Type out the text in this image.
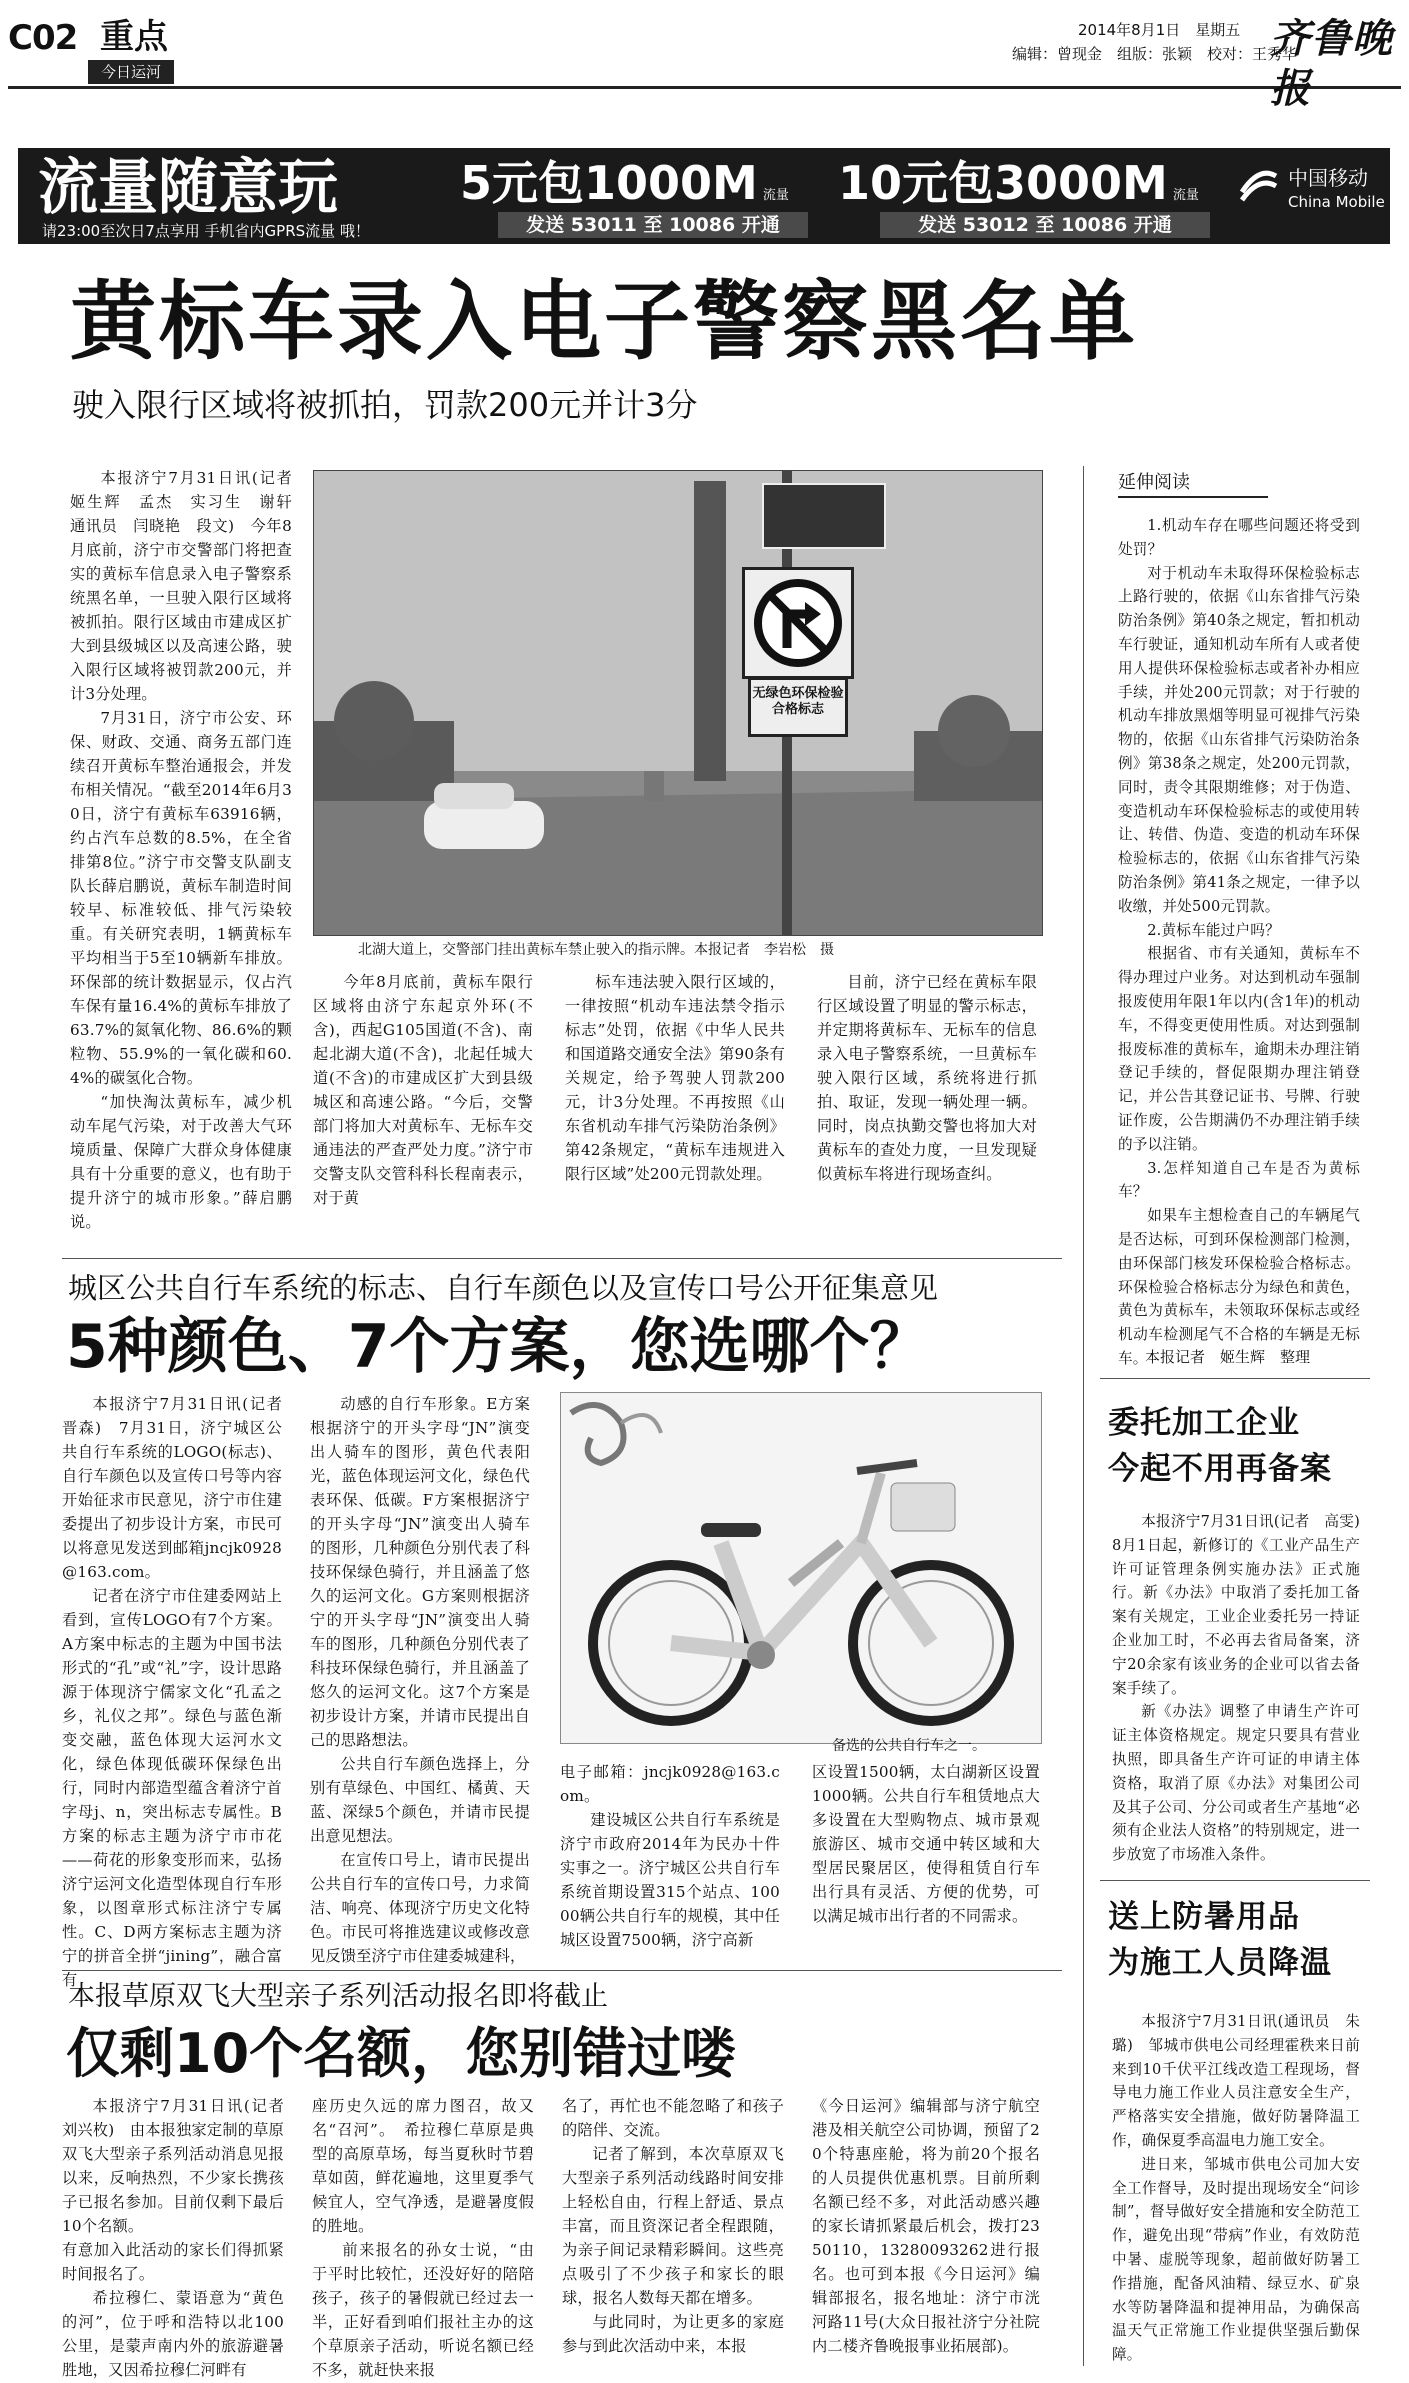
C02 重点
今日运河
2014年8月1日　星期五
编辑：曾现金　组版：张颖　校对：王秀华
齐鲁晚报
流量随意玩
请23:00至次日7点享用 手机省内GPRS流量 哦！
5元包1000M 流量
发送 53011 至 10086 开通
10元包3000M 流量
发送 53012 至 10086 开通
中国移动
China Mobile
黄标车录入电子警察黑名单
驶入限行区域将被抓拍，罚款200元并计3分

本报济宁7月31日讯(记者　姬生辉　孟杰　实习生　谢轩　通讯员　闫晓艳　段文)　今年8月底前，济宁市交警部门将把查实的黄标车信息录入电子警察系统黑名单，一旦驶入限行区域将被抓拍。限行区域由市建成区扩大到县级城区以及高速公路，驶入限行区域将被罚款200元，并计3分处理。

7月31日，济宁市公安、环保、财政、交通、商务五部门连续召开黄标车整治通报会，并发布相关情况。“截至2014年6月30日，济宁有黄标车63916辆，约占汽车总数的8.5%，在全省排第8位。”济宁市交警支队副支队长薛启鹏说，黄标车制造时间较早、标准较低、排气污染较重。有关研究表明，1辆黄标车平均相当于5至10辆新车排放。环保部的统计数据显示，仅占汽车保有量16.4%的黄标车排放了63.7%的氮氧化物、86.6%的颗粒物、55.9%的一氧化碳和60.4%的碳氢化合物。

“加快淘汰黄标车，减少机动车尾气污染，对于改善大气环境质量、保障广大群众身体健康具有十分重要的意义，也有助于提升济宁的城市形象。”薛启鹏说。

无绿色环保检验合格标志
北湖大道上，交警部门挂出黄标车禁止驶入的指示牌。本报记者　李岩松　摄

今年8月底前，黄标车限行区域将由济宁东起京外环(不含)，西起G105国道(不含)、南起北湖大道(不含)，北起任城大道(不含)的市建成区扩大到县级城区和高速公路。“今后，交警部门将加大对黄标车、无标车交通违法的严查严处力度。”济宁市交警支队交管科科长程南表示，对于黄

标车违法驶入限行区域的，一律按照“机动车违法禁令指示标志”处罚，依据《中华人民共和国道路交通安全法》第90条有关规定，给予驾驶人罚款200元，计3分处理。不再按照《山东省机动车排气污染防治条例》第42条规定，“黄标车违规进入限行区域”处200元罚款处理。

目前，济宁已经在黄标车限行区域设置了明显的警示标志，并定期将黄标车、无标车的信息录入电子警察系统，一旦黄标车驶入限行区域，系统将进行抓拍、取证，发现一辆处理一辆。同时，岗点执勤交警也将加大对黄标车的查处力度，一旦发现疑似黄标车将进行现场查纠。

延伸阅读

1.机动车存在哪些问题还将受到处罚？

对于机动车未取得环保检验标志上路行驶的，依据《山东省排气污染防治条例》第40条之规定，暂扣机动车行驶证，通知机动车所有人或者使用人提供环保检验标志或者补办相应手续，并处200元罚款；对于行驶的机动车排放黑烟等明显可视排气污染物的，依据《山东省排气污染防治条例》第38条之规定，处200元罚款，同时，责令其限期维修；对于伪造、变造机动车环保检验标志的或使用转让、转借、伪造、变造的机动车环保检验标志的，依据《山东省排气污染防治条例》第41条之规定，一律予以收缴，并处500元罚款。

2.黄标车能过户吗？

根据省、市有关通知，黄标车不得办理过户业务。对达到机动车强制报废使用年限1年以内(含1年)的机动车，不得变更使用性质。对达到强制报废标准的黄标车，逾期未办理注销登记手续的，督促限期办理注销登记，并公告其登记证书、号牌、行驶证作废，公告期满仍不办理注销手续的予以注销。

3.怎样知道自己车是否为黄标车？

如果车主想检查自己的车辆尾气是否达标，可到环保检测部门检测，由环保部门核发环保检验合格标志。环保检验合格标志分为绿色和黄色，黄色为黄标车，未领取环保标志或经机动车检测尾气不合格的车辆是无标车。

本报记者　姬生辉　整理
委托加工企业
今起不用再备案

本报济宁7月31日讯(记者　高雯)　8月1日起，新修订的《工业产品生产许可证管理条例实施办法》正式施行。新《办法》中取消了委托加工备案有关规定，工业企业委托另一持证企业加工时，不必再去省局备案，济宁20余家有该业务的企业可以省去备案手续了。

新《办法》调整了申请生产许可证主体资格规定。规定只要具有营业执照，即具备生产许可证的申请主体资格，取消了原《办法》对集团公司及其子公司、分公司或者生产基地“必须有企业法人资格”的特别规定，进一步放宽了市场准入条件。

送上防暑用品
为施工人员降温

本报济宁7月31日讯(通讯员　朱璐)　邹城市供电公司经理霍秩来日前来到10千伏平江线改造工程现场，督导电力施工作业人员注意安全生产，严格落实安全措施，做好防暑降温工作，确保夏季高温电力施工安全。

进日来，邹城市供电公司加大安全工作督导，及时提出现场安全“问诊制”，督导做好安全措施和安全防范工作，避免出现“带病”作业，有效防范中暑、虚脱等现象，超前做好防暑工作措施，配备风油精、绿豆水、矿泉水等防暑降温和提神用品，为确保高温天气正常施工作业提供坚强后勤保障。

城区公共自行车系统的标志、自行车颜色以及宣传口号公开征集意见
5种颜色、7个方案，您选哪个？

本报济宁7月31日讯(记者　晋森)　7月31日，济宁城区公共自行车系统的LOGO(标志)、自行车颜色以及宣传口号等内容开始征求市民意见，济宁市住建委提出了初步设计方案，市民可以将意见发送到邮箱jncjk0928@163.com。

记者在济宁市住建委网站上看到，宣传LOGO有7个方案。A方案中标志的主题为中国书法形式的“孔”或“礼”字，设计思路源于体现济宁儒家文化“孔孟之乡，礼仪之邦”。绿色与蓝色渐变交融，蓝色体现大运河水文化，绿色体现低碳环保绿色出行，同时内部造型蕴含着济宁首字母j、n，突出标志专属性。B方案的标志主题为济宁市市花——荷花的形象变形而来，弘扬济宁运河文化造型体现自行车形象，以图章形式标注济宁专属性。C、D两方案标志主题为济宁的拼音全拼“jining”，融合富有

动感的自行车形象。E方案根据济宁的开头字母“JN”演变出人骑车的图形，黄色代表阳光，蓝色体现运河文化，绿色代表环保、低碳。F方案根据济宁的开头字母“JN”演变出人骑车的图形，几种颜色分别代表了科技环保绿色骑行，并且涵盖了悠久的运河文化。G方案则根据济宁的开头字母“JN”演变出人骑车的图形，几种颜色分别代表了科技环保绿色骑行，并且涵盖了悠久的运河文化。这7个方案是初步设计方案，并请市民提出自己的思路想法。

公共自行车颜色选择上，分别有草绿色、中国红、橘黄、天蓝、深绿5个颜色，并请市民提出意见想法。

在宣传口号上，请市民提出公共自行车的宣传口号，力求简洁、响亮、体现济宁历史文化特色。市民可将推选建议或修改意见反馈至济宁市住建委城建科，

备选的公共自行车之一。

电子邮箱：jncjk0928@163.com。

建设城区公共自行车系统是济宁市政府2014年为民办十件实事之一。济宁城区公共自行车系统首期设置315个站点、10000辆公共自行车的规模，其中任城区设置7500辆，济宁高新

区设置1500辆，太白湖新区设置1000辆。公共自行车租赁地点大多设置在大型购物点、城市景观旅游区、城市交通中转区域和大型居民聚居区，使得租赁自行车出行具有灵活、方便的优势，可以满足城市出行者的不同需求。

本报草原双飞大型亲子系列活动报名即将截止
仅剩10个名额，您别错过喽

本报济宁7月31日讯(记者　刘兴枚)　由本报独家定制的草原双飞大型亲子系列活动消息见报以来，反响热烈，不少家长携孩子已报名参加。目前仅剩下最后10个名额。

有意加入此活动的家长们得抓紧时间报名了。

希拉穆仁、蒙语意为“黄色的河”，位于呼和浩特以北100公里，是蒙声南内外的旅游避暑胜地，又因希拉穆仁河畔有

座历史久远的席力图召，故又名“召河”。　希拉穆仁草原是典型的高原草场，每当夏秋时节碧草如茵，鲜花遍地，这里夏季气候宜人，空气净透，是避暑度假的胜地。

前来报名的孙女士说，“由于平时比较忙，还没好好的陪陪孩子，孩子的暑假就已经过去一半，正好看到咱们报社主办的这个草原亲子活动，听说名额已经不多，就赶快来报

名了，再忙也不能忽略了和孩子的陪伴、交流。

记者了解到，本次草原双飞大型亲子系列活动线路时间安排上轻松自由，行程上舒适、景点丰富，而且资深记者全程跟随，为亲子间记录精彩瞬间。这些亮点吸引了不少孩子和家长的眼球，报名人数每天都在增多。

与此同时，为让更多的家庭参与到此次活动中来，本报

《今日运河》编辑部与济宁航空港及相关航空公司协调，预留了20个特惠座舱，将为前20个报名的人员提供优惠机票。目前所剩名额已经不多，对此活动感兴趣的家长请抓紧最后机会，拨打2350110，13280093262进行报名。也可到本报《今日运河》编辑部报名，报名地址：济宁市洸河路11号(大众日报社济宁分社院内二楼齐鲁晚报事业拓展部)。
